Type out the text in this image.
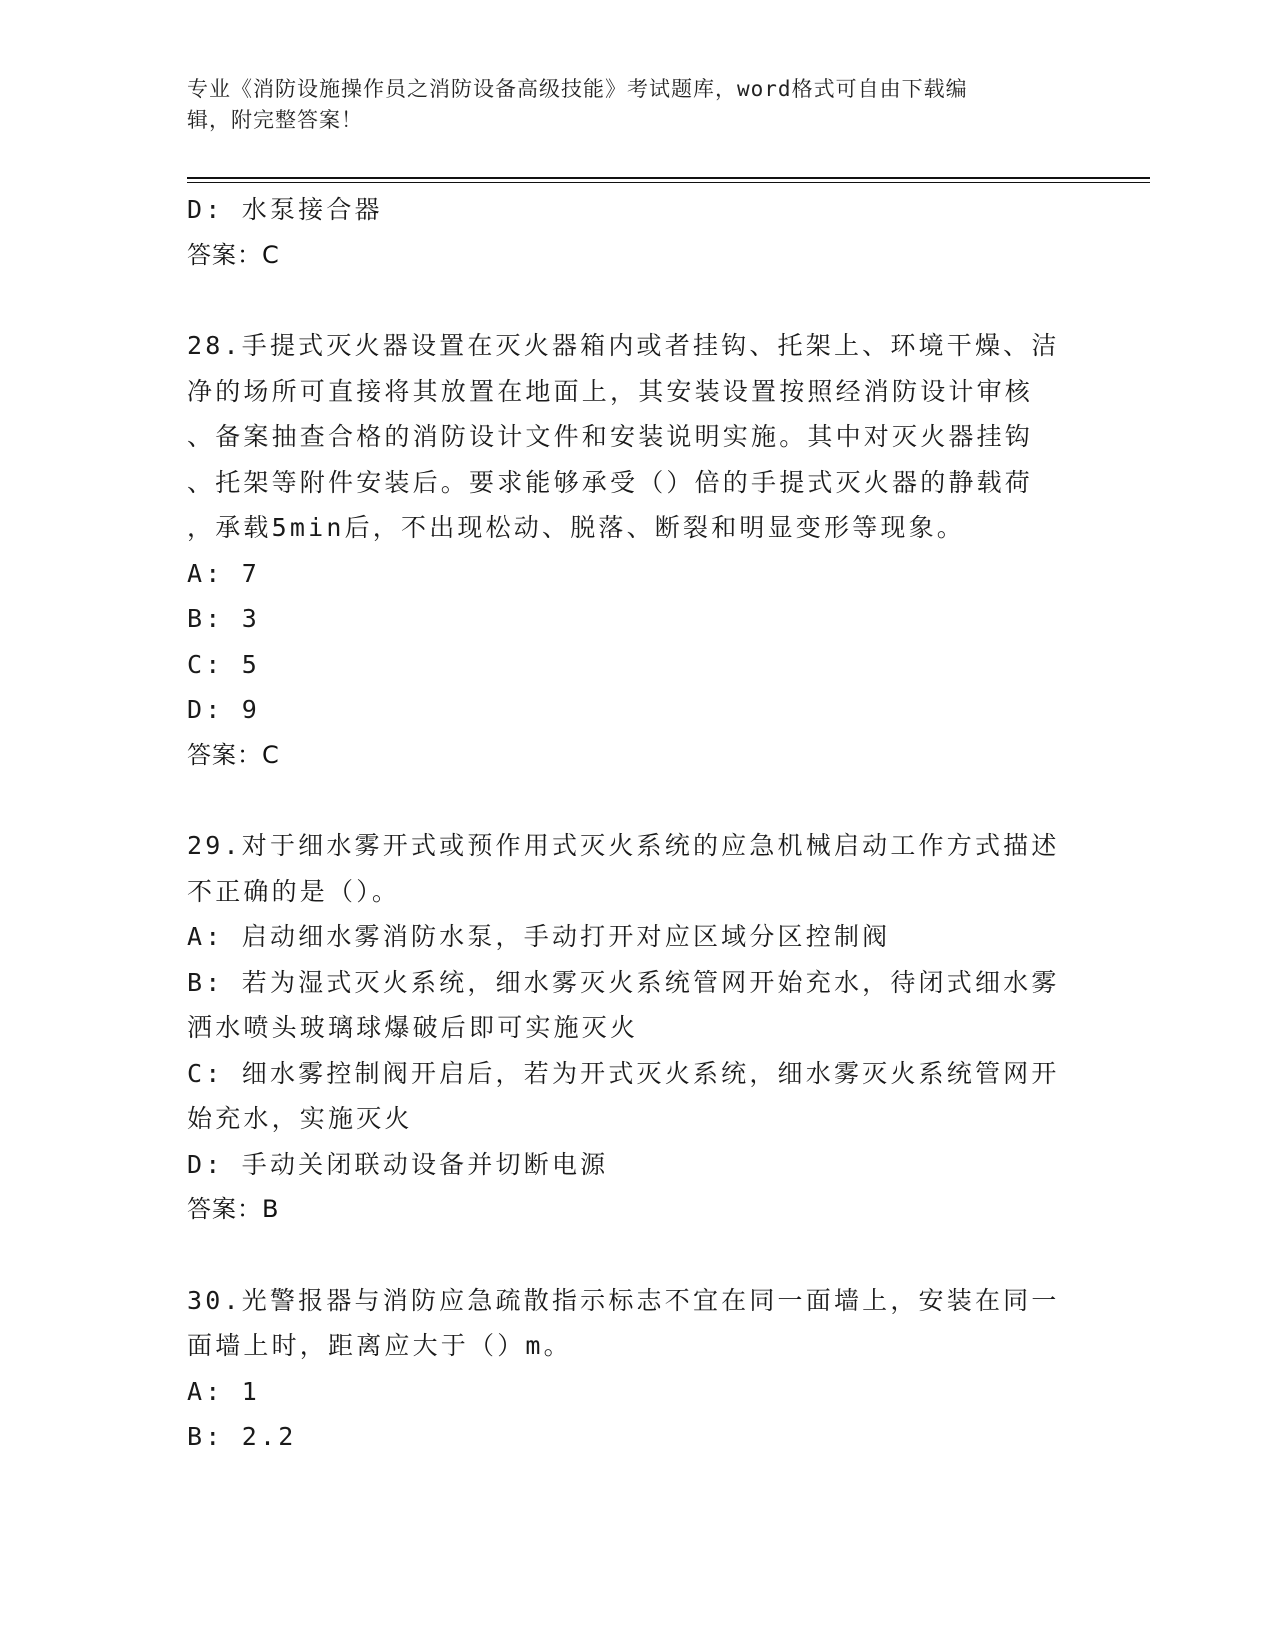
专业《消防设施操作员之消防设备高级技能》考试题库，word格式可自由下载编
辑，附完整答案！
D: 水泵接合器
答案：C
28.手提式灭火器设置在灭火器箱内或者挂钩、托架上、环境干燥、洁
净的场所可直接将其放置在地面上，其安装设置按照经消防设计审核
、备案抽查合格的消防设计文件和安装说明实施。其中对灭火器挂钩
、托架等附件安装后。要求能够承受（）倍的手提式灭火器的静载荷
，承载5min后，不出现松动、脱落、断裂和明显变形等现象。
A: 7
B: 3
C: 5
D: 9
答案：C
29.对于细水雾开式或预作用式灭火系统的应急机械启动工作方式描述
不正确的是（）。
A: 启动细水雾消防水泵，手动打开对应区域分区控制阀
B: 若为湿式灭火系统，细水雾灭火系统管网开始充水，待闭式细水雾
洒水喷头玻璃球爆破后即可实施灭火
C: 细水雾控制阀开启后，若为开式灭火系统，细水雾灭火系统管网开
始充水，实施灭火
D: 手动关闭联动设备并切断电源
答案：B
30.光警报器与消防应急疏散指示标志不宜在同一面墙上，安装在同一
面墙上时，距离应大于（）m。
A: 1
B: 2.2
